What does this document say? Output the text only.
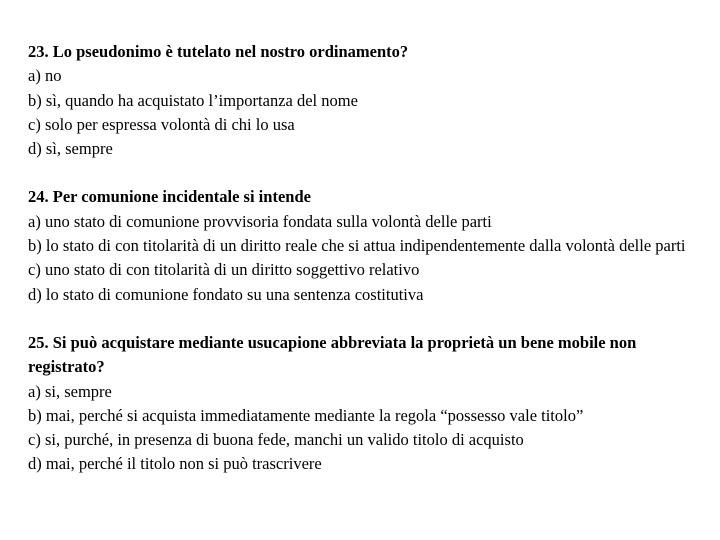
23. Lo pseudonimo è tutelato nel nostro ordinamento?
a) no
b) sì, quando ha acquistato l’importanza del nome
c) solo per espressa volontà di chi lo usa
d) sì, sempre
24. Per comunione incidentale si intende
a) uno stato di comunione provvisoria fondata sulla volontà delle parti
b) lo stato di con titolarità di un diritto reale che si attua indipendentemente dalla volontà delle parti
c) uno stato di con titolarità di un diritto soggettivo relativo
d) lo stato di comunione fondato su una sentenza costitutiva
25. Si può acquistare mediante usucapione abbreviata la proprietà un bene mobile non registrato?
a) si, sempre
b) mai, perché si acquista immediatamente mediante la regola “possesso vale titolo”
c) si, purché, in presenza di buona fede, manchi un valido titolo di acquisto
d) mai, perché il titolo non si può trascrivere
